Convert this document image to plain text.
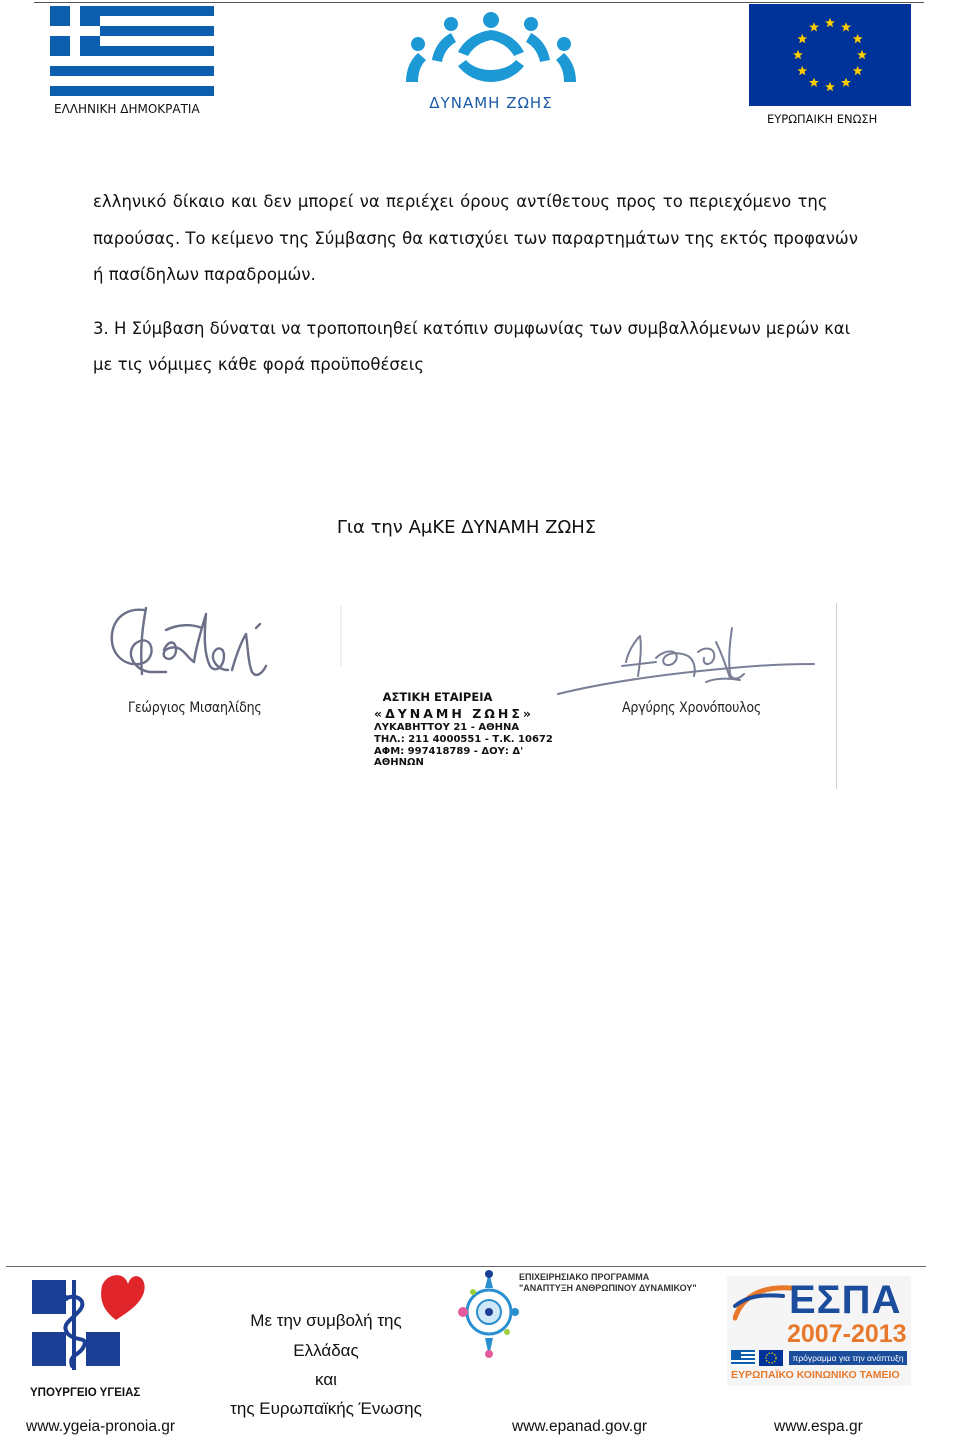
ΕΛΛΗΝΙΚΗ ΔΗΜΟΚΡΑΤΙΑ	ΔΥΝΑΜΗ ΖΩΗΣ
ΕΥΡΩΠΑΙΚΗ ΕΝΩΣΗ
ελληνικό δίκαιο και δεν μπορεί να περιέχει όρους αντίθετους προς το περιεχόμενο της
παρούσας. Το κείμενο της Σύμβασης θα κατισχύει των παραρτημάτων της εκτός προφανών
ή πασίδηλων παραδρομών.
3. Η Σύμβαση δύναται να τροποποιηθεί κατόπιν συμφωνίας των συμβαλλόμενων μερών και
με τις νόμιμες κάθε φορά προϋποθέσεις
Για την ΑμΚΕ ΔΥΝΑΜΗ ΖΩΗΣ
Γεώργιος Μισαηλίδης	Αργύρης Χρονόπουλος
ΑΣΤΙΚΗ ΕΤΑΙΡΕΙΑ
«ΔΥΝΑΜΗ ΖΩΗΣ»
ΛΥΚΑΒΗΤΤΟΥ 21 - ΑΘΗΝΑ
ΤΗΛ.: 211 4000551 - Τ.Κ. 10672
ΑΦΜ: 997418789 - ΔΟΥ: Δ' ΑΘΗΝΩΝ
ΥΠΟΥΡΓΕΙΟ ΥΓΕΙΑΣ
Με την συμβολή της
Ελλάδας
και
της Ευρωπαϊκής Ένωσης
ΕΠΙΧΕΙΡΗΣΙΑΚΟ ΠΡΟΓΡΑΜΜΑ
"ΑΝΑΠΤΥΞΗ ΑΝΘΡΩΠΙΝΟΥ ΔΥΝΑΜΙΚΟΥ" ΕΣΠΑ
2007-2013
πρόγραμμα για την ανάπτυξη
ΕΥΡΩΠΑΪΚΟ ΚΟΙΝΩΝΙΚΟ ΤΑΜΕΙΟ
www.ygeia-pronoia.gr	www.epanad.gov.gr	www.espa.gr
